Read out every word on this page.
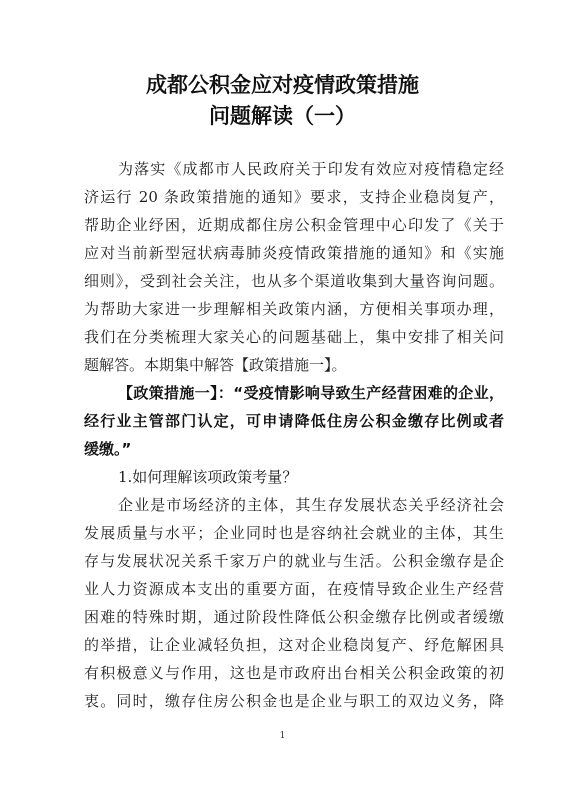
成都公积金应对疫情政策措施
问题解读（一）
为落实《成都市人民政府关于印发有效应对疫情稳定经
济运行 20 条政策措施的通知》要求，支持企业稳岗复产，
帮助企业纾困，近期成都住房公积金管理中心印发了《关于
应对当前新型冠状病毒肺炎疫情政策措施的通知》和《实施
细则》，受到社会关注，也从多个渠道收集到大量咨询问题。
为帮助大家进一步理解相关政策内涵，方便相关事项办理，
我们在分类梳理大家关心的问题基础上，集中安排了相关问
题解答。本期集中解答【政策措施一】。
【政策措施一】：“受疫情影响导致生产经营困难的企业，
经行业主管部门认定，可申请降低住房公积金缴存比例或者
缓缴。”
1.如何理解该项政策考量？
企业是市场经济的主体，其生存发展状态关乎经济社会
发展质量与水平；企业同时也是容纳社会就业的主体，其生
存与发展状况关系千家万户的就业与生活。公积金缴存是企
业人力资源成本支出的重要方面，在疫情导致企业生产经营
困难的特殊时期，通过阶段性降低公积金缴存比例或者缓缴
的举措，让企业减轻负担，这对企业稳岗复产、纾危解困具
有积极意义与作用，这也是市政府出台相关公积金政策的初
衷。同时，缴存住房公积金也是企业与职工的双边义务，降
1
